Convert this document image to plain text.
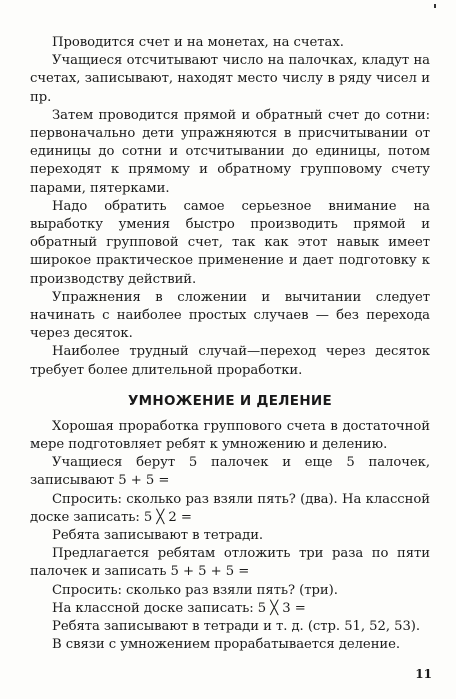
Проводится счет и на монетах, на счетах.

Учащиеся отсчитывают число на палочках, кладут на счетах, записывают, находят место числу в ряду чисел и пр.

Затем проводится прямой и обратный счет до сотни: первоначально дети упражняются в присчитывании от единицы до сотни и отсчитывании до единицы, потом переходят к прямому и обратному групповому счету парами, пятерками.

Надо обратить самое серьезное внимание на выработку умения быстро производить прямой и обратный групповой счет, так как этот навык имеет широкое практическое применение и дает подготовку к производству действий.

Упражнения в сложении и вычитании следует начинать с наиболее простых случаев — без перехода через десяток.

Наиболее трудный случай—переход через десяток требует более длительной проработки.

УМНОЖЕНИЕ И ДЕЛЕНИЕ

Хорошая проработка группового счета в достаточной мере подготовляет ребят к умножению и делению.

Учащиеся берут 5 палочек и еще 5 палочек, записывают 5 + 5 =

Спросить: сколько раз взяли пять? (два). На классной доске записать: 5 ╳ 2 =

Ребята записывают в тетради.

Предлагается ребятам отложить три раза по пяти палочек и записать 5 + 5 + 5 =

Спросить: сколько раз взяли пять? (три).

На классной доске записать: 5 ╳ 3 =

Ребята записывают в тетради и т. д. (стр. 51, 52, 53).

В связи с умножением прорабатывается деление.

11
